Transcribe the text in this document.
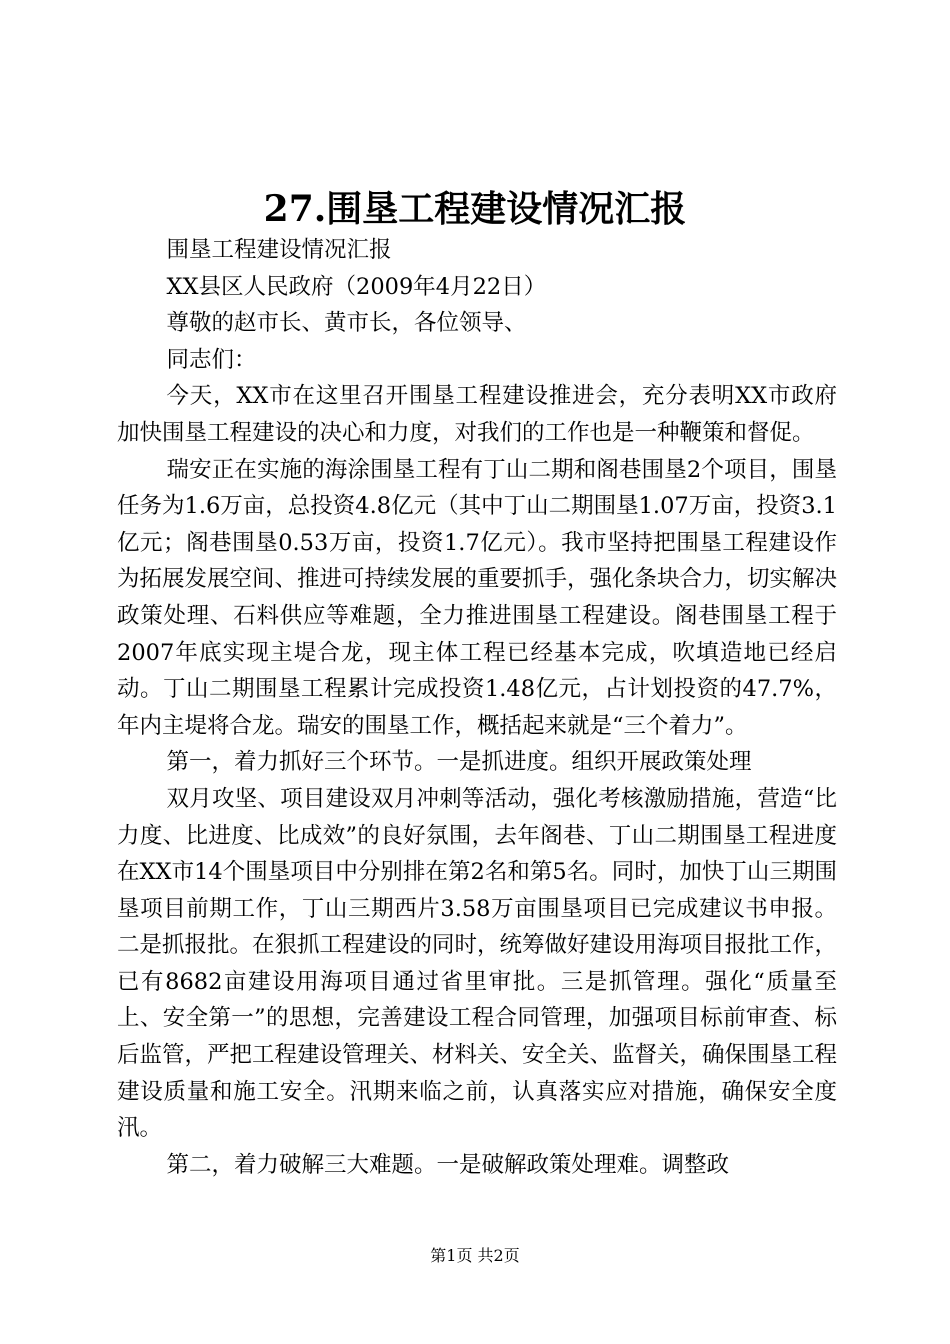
27.围垦工程建设情况汇报

围垦工程建设情况汇报

XX县区人民政府（2009年4月22日）

尊敬的赵市长、黄市长，各位领导、

同志们：

今天，XX市在这里召开围垦工程建设推进会，充分表明XX市政府加快围垦工程建设的决心和力度，对我们的工作也是一种鞭策和督促。

瑞安正在实施的海涂围垦工程有丁山二期和阁巷围垦2个项目，围垦任务为1.6万亩，总投资4.8亿元（其中丁山二期围垦1.07万亩，投资3.1亿元；阁巷围垦0.53万亩，投资1.7亿元）。我市坚持把围垦工程建设作为拓展发展空间、推进可持续发展的重要抓手，强化条块合力，切实解决政策处理、石料供应等难题，全力推进围垦工程建设。阁巷围垦工程于2007年底实现主堤合龙，现主体工程已经基本完成，吹填造地已经启动。丁山二期围垦工程累计完成投资1.48亿元，占计划投资的47.7%，年内主堤将合龙。瑞安的围垦工作，概括起来就是“三个着力”。

第一，着力抓好三个环节。一是抓进度。组织开展政策处理

双月攻坚、项目建设双月冲刺等活动，强化考核激励措施，营造“比力度、比进度、比成效”的良好氛围，去年阁巷、丁山二期围垦工程进度在XX市14个围垦项目中分别排在第2名和第5名。同时，加快丁山三期围垦项目前期工作，丁山三期西片3.58万亩围垦项目已完成建议书申报。二是抓报批。在狠抓工程建设的同时，统筹做好建设用海项目报批工作，已有8682亩建设用海项目通过省里审批。三是抓管理。强化“质量至上、安全第一”的思想，完善建设工程合同管理，加强项目标前审查、标后监管，严把工程建设管理关、材料关、安全关、监督关，确保围垦工程建设质量和施工安全。汛期来临之前，认真落实应对措施，确保安全度汛。

第二，着力破解三大难题。一是破解政策处理难。调整政

第1页 共2页
